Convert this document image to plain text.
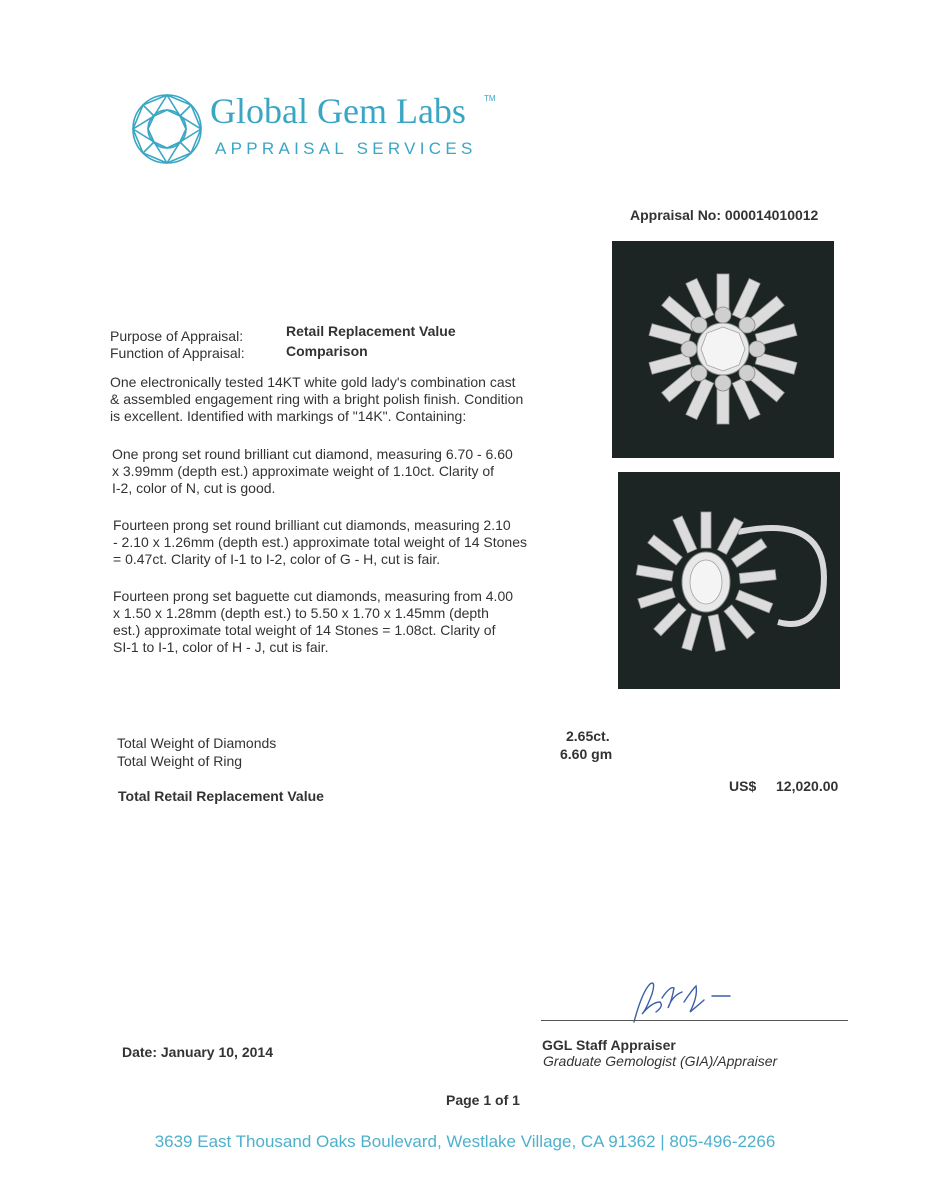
Global Gem Labs TM
APPRAISAL SERVICES
Appraisal No: 000014010012
Purpose of Appraisal:	Retail Replacement Value
Function of Appraisal:	Comparison
One electronically tested 14KT white gold lady's combination cast
& assembled engagement ring with a bright polish finish. Condition
is excellent. Identified with markings of "14K". Containing:
One prong set round brilliant cut diamond, measuring 6.70 - 6.60
x 3.99mm (depth est.) approximate weight of 1.10ct. Clarity of
I-2, color of N, cut is good.
Fourteen prong set round brilliant cut diamonds, measuring 2.10
- 2.10 x 1.26mm (depth est.) approximate total weight of 14 Stones
= 0.47ct. Clarity of I-1 to I-2, color of G - H, cut is fair.
Fourteen prong set baguette cut diamonds, measuring from 4.00
x 1.50 x 1.28mm (depth est.) to 5.50 x 1.70 x 1.45mm (depth
est.) approximate total weight of 14 Stones = 1.08ct. Clarity of
SI-1 to I-1, color of H - J, cut is fair.
Total Weight of Diamonds	2.65ct.
Total Weight of Ring	6.60 gm
Total Retail Replacement Value
US$ 12,020.00
GGL Staff Appraiser
Graduate Gemologist (GIA)/Appraiser
Date: January 10, 2014
Page 1 of 1
3639 East Thousand Oaks Boulevard, Westlake Village, CA 91362 | 805-496-2266
